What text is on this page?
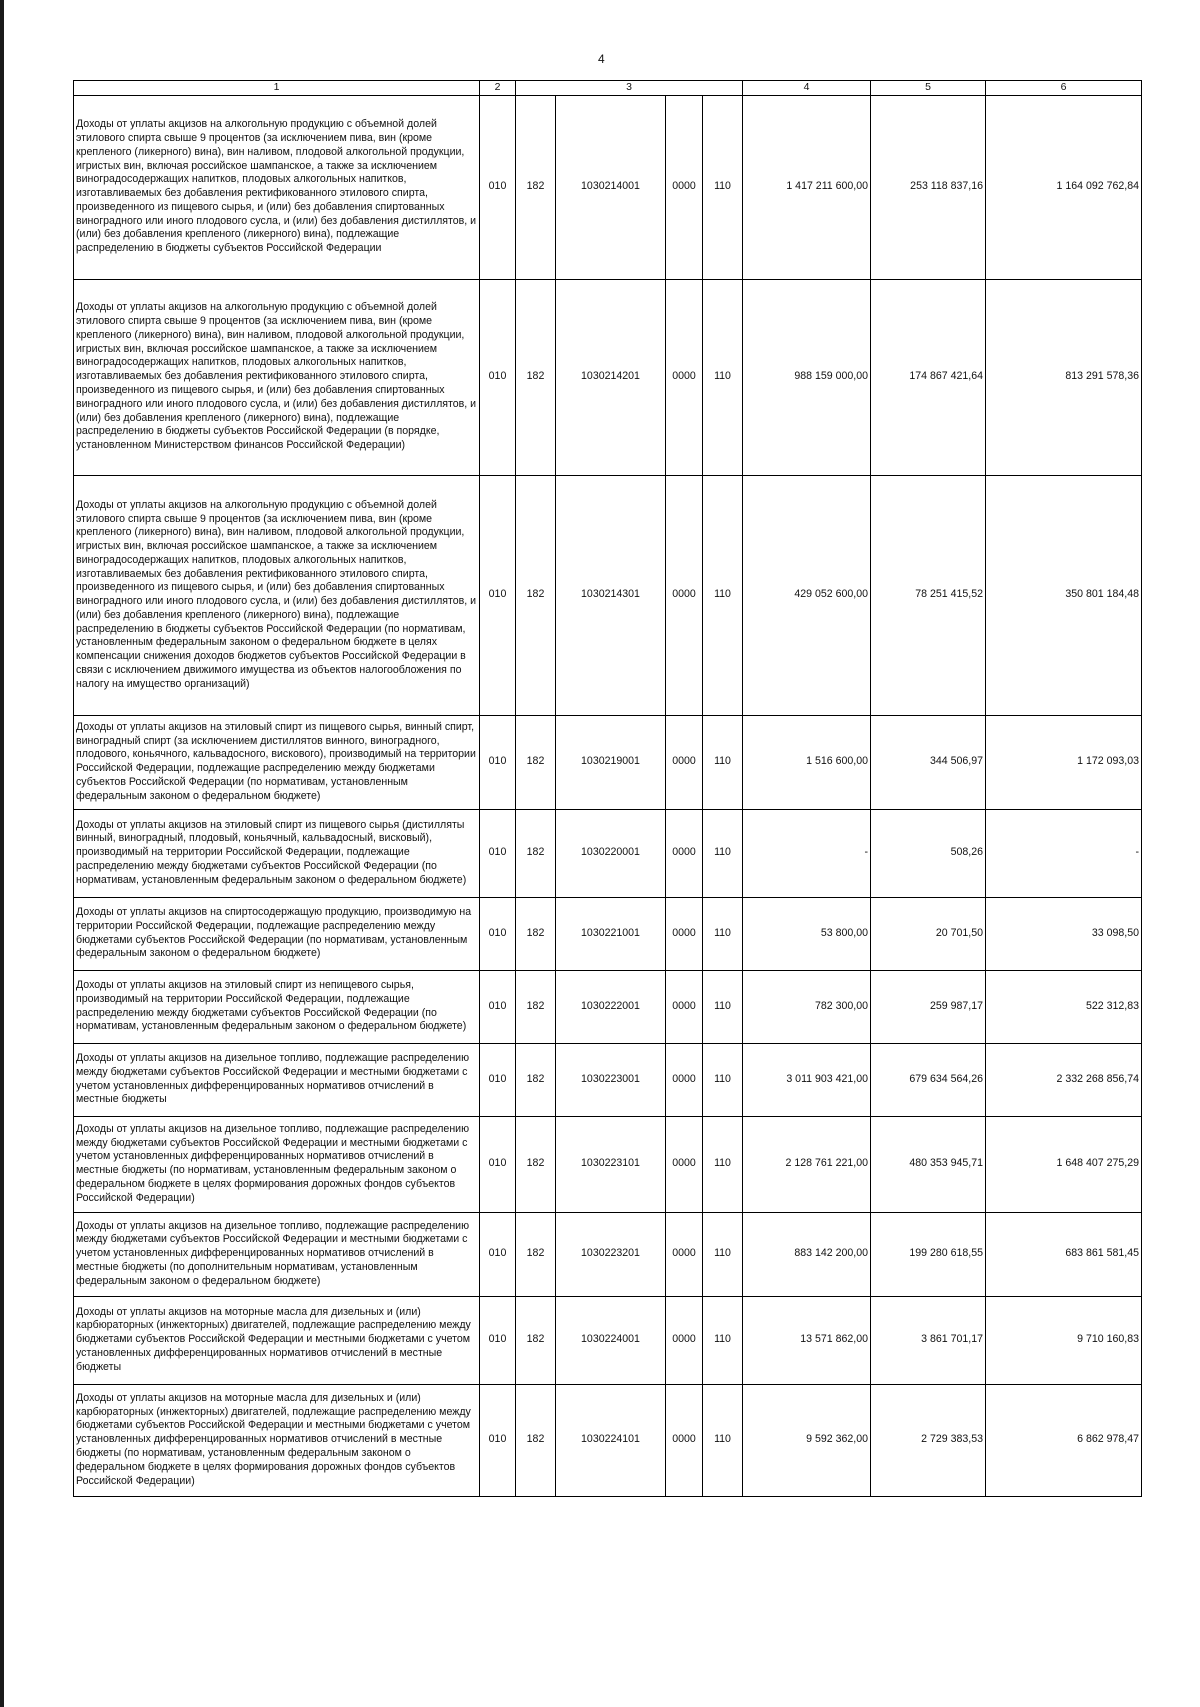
4
1	2	3				4	5	6
Доходы от уплаты акцизов на алкогольную продукцию с объемной долей этилового спирта свыше 9 процентов (за исключением пива, вин (кроме крепленого (ликерного) вина), вин наливом, плодовой алкогольной продукции, игристых вин, включая российское шампанское, а также за исключением виноградосодержащих напитков, плодовых алкогольных напитков, изготавливаемых без добавления ректификованного этилового спирта, произведенного из пищевого сырья, и (или) без добавления спиртованных виноградного или иного плодового сусла, и (или) без добавления дистиллятов, и (или) без добавления крепленого (ликерного) вина), подлежащие распределению в бюджеты субъектов Российской Федерации	010	182	1030214001	0000	110	1 417 211 600,00	253 118 837,16	1 164 092 762,84
Доходы от уплаты акцизов на алкогольную продукцию с объемной долей этилового спирта свыше 9 процентов (за исключением пива, вин (кроме крепленого (ликерного) вина), вин наливом, плодовой алкогольной продукции, игристых вин, включая российское шампанское, а также за исключением виноградосодержащих напитков, плодовых алкогольных напитков, изготавливаемых без добавления ректификованного этилового спирта, произведенного из пищевого сырья, и (или) без добавления спиртованных виноградного или иного плодового сусла, и (или) без добавления дистиллятов, и (или) без добавления крепленого (ликерного) вина), подлежащие распределению в бюджеты субъектов Российской Федерации (в порядке, установленном Министерством финансов Российской Федерации)	010	182	1030214201	0000	110	988 159 000,00	174 867 421,64	813 291 578,36
Доходы от уплаты акцизов на алкогольную продукцию с объемной долей этилового спирта свыше 9 процентов (за исключением пива, вин (кроме крепленого (ликерного) вина), вин наливом, плодовой алкогольной продукции, игристых вин, включая российское шампанское, а также за исключением виноградосодержащих напитков, плодовых алкогольных напитков, изготавливаемых без добавления ректификованного этилового спирта, произведенного из пищевого сырья, и (или) без добавления спиртованных виноградного или иного плодового сусла, и (или) без добавления дистиллятов, и (или) без добавления крепленого (ликерного) вина), подлежащие распределению в бюджеты субъектов Российской Федерации (по нормативам, установленным федеральным законом о федеральном бюджете в целях компенсации снижения доходов бюджетов субъектов Российской Федерации в связи с исключением движимого имущества из объектов налогообложения по налогу на имущество организаций)	010	182	1030214301	0000	110	429 052 600,00	78 251 415,52	350 801 184,48
Доходы от уплаты акцизов на этиловый спирт из пищевого сырья, винный спирт, виноградный спирт (за исключением дистиллятов винного, виноградного, плодового, коньячного, кальвадосного, вискового), производимый на территории Российской Федерации, подлежащие распределению между бюджетами субъектов Российской Федерации (по нормативам, установленным федеральным законом о федеральном бюджете)	010	182	1030219001	0000	110	1 516 600,00	344 506,97	1 172 093,03
Доходы от уплаты акцизов на этиловый спирт из пищевого сырья (дистилляты винный, виноградный, плодовый, коньячный, кальвадосный, висковый), производимый на территории Российской Федерации, подлежащие распределению между бюджетами субъектов Российской Федерации (по нормативам, установленным федеральным законом о федеральном бюджете)	010	182	1030220001	0000	110	-	508,26	-
Доходы от уплаты акцизов на спиртосодержащую продукцию, производимую на территории Российской Федерации, подлежащие распределению между бюджетами субъектов Российской Федерации (по нормативам, установленным федеральным законом о федеральном бюджете)	010	182	1030221001	0000	110	53 800,00	20 701,50	33 098,50
Доходы от уплаты акцизов на этиловый спирт из непищевого сырья, производимый на территории Российской Федерации, подлежащие распределению между бюджетами субъектов Российской Федерации (по нормативам, установленным федеральным законом о федеральном бюджете)	010	182	1030222001	0000	110	782 300,00	259 987,17	522 312,83
Доходы от уплаты акцизов на дизельное топливо, подлежащие распределению между бюджетами субъектов Российской Федерации и местными бюджетами с учетом установленных дифференцированных нормативов отчислений в местные бюджеты	010	182	1030223001	0000	110	3 011 903 421,00	679 634 564,26	2 332 268 856,74
Доходы от уплаты акцизов на дизельное топливо, подлежащие распределению между бюджетами субъектов Российской Федерации и местными бюджетами с учетом установленных дифференцированных нормативов отчислений в местные бюджеты (по нормативам, установленным федеральным законом о федеральном бюджете в целях формирования дорожных фондов субъектов Российской Федерации)	010	182	1030223101	0000	110	2 128 761 221,00	480 353 945,71	1 648 407 275,29
Доходы от уплаты акцизов на дизельное топливо, подлежащие распределению между бюджетами субъектов Российской Федерации и местными бюджетами с учетом установленных дифференцированных нормативов отчислений в местные бюджеты (по дополнительным нормативам, установленным федеральным законом о федеральном бюджете)	010	182	1030223201	0000	110	883 142 200,00	199 280 618,55	683 861 581,45
Доходы от уплаты акцизов на моторные масла для дизельных и (или) карбюраторных (инжекторных) двигателей, подлежащие распределению между бюджетами субъектов Российской Федерации и местными бюджетами с учетом установленных дифференцированных нормативов отчислений в местные бюджеты	010	182	1030224001	0000	110	13 571 862,00	3 861 701,17	9 710 160,83
Доходы от уплаты акцизов на моторные масла для дизельных и (или) карбюраторных (инжекторных) двигателей, подлежащие распределению между бюджетами субъектов Российской Федерации и местными бюджетами с учетом установленных дифференцированных нормативов отчислений в местные бюджеты (по нормативам, установленным федеральным законом о федеральном бюджете в целях формирования дорожных фондов субъектов Российской Федерации)	010	182	1030224101	0000	110	9 592 362,00	2 729 383,53	6 862 978,47
